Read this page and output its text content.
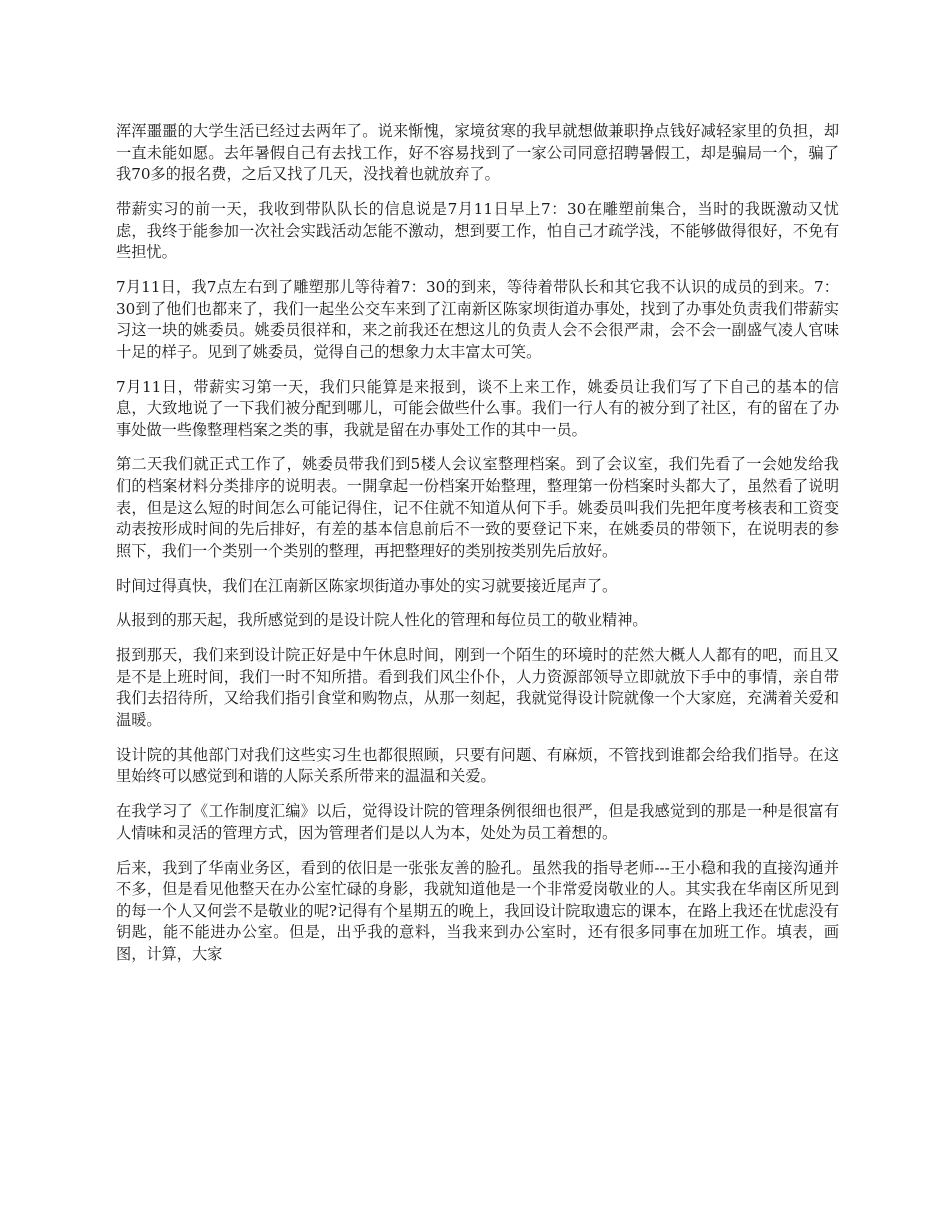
浑浑噩噩的大学生活已经过去两年了。说来惭愧，家境贫寒的我早就想做兼职挣点钱好减轻家里的负担，却一直未能如愿。去年暑假自己有去找工作，好不容易找到了一家公司同意招聘暑假工，却是骗局一个，骗了我70多的报名费，之后又找了几天，没找着也就放弃了。

带薪实习的前一天，我收到带队队长的信息说是7月11日早上7：30在雕塑前集合，当时的我既激动又忧虑，我终于能参加一次社会实践活动怎能不激动，想到要工作，怕自己才疏学浅，不能够做得很好，不免有些担忧。

7月11日，我7点左右到了雕塑那儿等待着7：30的到来，等待着带队长和其它我不认识的成员的到来。7：30到了他们也都来了，我们一起坐公交车来到了江南新区陈家坝街道办事处，找到了办事处负责我们带薪实习这一块的姚委员。姚委员很祥和，来之前我还在想这儿的负责人会不会很严肃，会不会一副盛气凌人官味十足的样子。见到了姚委员，觉得自己的想象力太丰富太可笑。

7月11日，带薪实习第一天，我们只能算是来报到，谈不上来工作，姚委员让我们写了下自己的基本的信息，大致地说了一下我们被分配到哪儿，可能会做些什么事。我们一行人有的被分到了社区，有的留在了办事处做一些像整理档案之类的事，我就是留在办事处工作的其中一员。

第二天我们就正式工作了，姚委员带我们到5楼人会议室整理档案。到了会议室，我们先看了一会她发给我们的档案材料分类排序的说明表。一開拿起一份档案开始整理，整理第一份档案时头都大了，虽然看了说明表，但是这么短的时间怎么可能记得住，记不住就不知道从何下手。姚委员叫我们先把年度考核表和工资变动表按形成时间的先后排好，有差的基本信息前后不一致的要登记下来，在姚委员的带领下，在说明表的参照下，我们一个类别一个类别的整理，再把整理好的类别按类别先后放好。

时间过得真快，我们在江南新区陈家坝街道办事处的实习就要接近尾声了。

从报到的那天起，我所感觉到的是设计院人性化的管理和每位员工的敬业精神。

报到那天，我们来到设计院正好是中午休息时间，刚到一个陌生的环境时的茫然大概人人都有的吧，而且又是不是上班时间，我们一时不知所措。看到我们风尘仆仆，人力资源部领导立即就放下手中的事情，亲自带我们去招待所，又给我们指引食堂和购物点，从那一刻起，我就觉得设计院就像一个大家庭，充满着关爱和温暖。

设计院的其他部门对我们这些实习生也都很照顾，只要有问题、有麻烦，不管找到谁都会给我们指导。在这里始终可以感觉到和谐的人际关系所带来的温温和关爱。

在我学习了《工作制度汇编》以后，觉得设计院的管理条例很细也很严，但是我感觉到的那是一种是很富有人情味和灵活的管理方式，因为管理者们是以人为本，处处为员工着想的。

后来，我到了华南业务区，看到的依旧是一张张友善的脸孔。虽然我的指导老师---王小稳和我的直接沟通并不多，但是看见他整天在办公室忙碌的身影，我就知道他是一个非常爱岗敬业的人。其实我在华南区所见到的每一个人又何尝不是敬业的呢?记得有个星期五的晚上，我回设计院取遗忘的课本，在路上我还在忧虑没有钥匙，能不能进办公室。但是，出乎我的意料，当我来到办公室时，还有很多同事在加班工作。填表，画图，计算，大家
